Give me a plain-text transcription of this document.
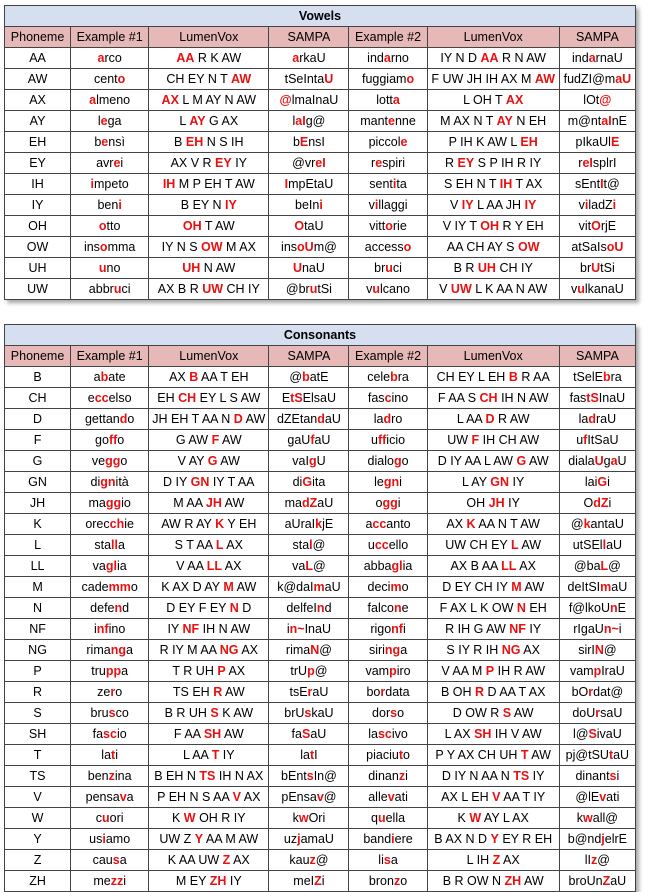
Vowels						
Phoneme	Example #1	LumenVox	SAMPA	Example #2	LumenVox	SAMPA
AA	arco	AA R K AW	arkaU	indarno	IY N D AA R N AW	indarnaU
AW	cento	CH EY N T AW	tSeIntaU	fuggiamo	F UW JH IH AX M AW	fudZI@maU
AX	almeno	AX L M AY N AW	@lmaInaU	lotta	L OH T AX	lOt@
AY	lega	L AY G AX	laIg@	mantenne	M AX N T AY N EH	m@ntaInE
EH	bensì	B EH N S IH	bEnsI	piccole	P IH K AW L EH	pIkaUlE
EY	avrei	AX V R EY IY	@vreI	respiri	R EY S P IH R IY	reIsplrI
IH	impeto	IH M P EH T AW	ImpEtaU	sentita	S EH N T IH T AX	sEntIt@
IY	beni	B EY N IY	beIni	villaggi	V IY L AA JH IY	viladZi
OH	otto	OH T AW	OtaU	vittorie	V IY T OH R Y EH	vitOrjE
OW	insomma	IY N S OW M AX	insoUm@	accesso	AA CH AY S OW	atSaIsoU
UH	uno	UH N AW	UnaU	bruci	B R UH CH IY	brUtSi
UW	abbruci	AX B R UW CH IY	@brutSi	vulcano	V UW L K AA N AW	vulkanaU
Consonants						
Phoneme	Example #1	LumenVox	SAMPA	Example #2	LumenVox	SAMPA
B	abate	AX B AA T EH	@batE	celebra	CH EY L EH B R AA	tSelEbra
CH	eccelso	EH CH EY L S AW	EtSElsaU	fascino	F AA S CH IH N AW	fastSInaU
D	gettando	JH EH T AA N D AW	dZEtandaU	ladro	L AA D R AW	ladraU
F	goffo	G AW F AW	gaUfaU	ufficio	UW F IH CH AW	ufItSaU
G	veggo	V AY G AW	vaIgU	dialogo	D IY AA L AW G AW	dialaUgaU
GN	dignità	D IY GN IY T AA	diGita	legni	L AY GN IY	laiGi
JH	maggio	M AA JH AW	madZaU	oggi	OH JH IY	OdZi
K	orecchie	AW R AY K Y EH	aUraIkjE	accanto	AX K AA N T AW	@kantaU
L	stalla	S T AA L AX	stal@	uccello	UW CH EY L AW	utSEllaU
LL	vaglia	V AA LL AX	vaL@	abbaglia	AX B AA LL AX	@baL@
M	cademmo	K AX D AY M AW	k@daImaU	decimo	D EY CH IY M AW	deItSImaU
N	defend	D EY F EY N D	delfeInd	falcone	F AX L K OW N EH	f@lkoUnE
NF	infino	IY NF IH N AW	in~InaU	rigonfi	R IH G AW NF IY	rIgaUn~i
NG	rimanga	R IY M AA NG AX	rimaN@	siringa	S IY R IH NG AX	sirIN@
P	truppa	T R UH P AX	trUp@	vampiro	V AA M P IH R AW	vampIraU
R	zero	TS EH R AW	tsEraU	bordata	B OH R D AA T AX	bOrdat@
S	brusco	B R UH S K AW	brUskaU	dorso	D OW R S AW	doUrsaU
SH	fascio	F AA SH AW	faSaU	lascivo	L AX SH IH V AW	l@SivaU
T	lati	L AA T IY	latI	piaciuto	P Y AX CH UH T AW	pj@tSUtaU
TS	benzina	B EH N TS IH N AX	bEntsIn@	dinanzi	D IY N AA N TS IY	dinantsi
V	pensava	P EH N S AA V AX	pEnsav@	allevati	AX L EH V AA T IY	@lEvati
W	cuori	K W OH R IY	kwOri	quella	K W AY L AX	kwall@
Y	usiamo	UW Z Y AA M AW	uzjamaU	bandiere	B AX N D Y EY R EH	b@ndjelrE
Z	causa	K AA UW Z AX	kauz@	lisa	L IH Z AX	lIz@
ZH	mezzi	M EY ZH IY	meIZi	bronzo	B R OW N ZH AW	broUnZaU
